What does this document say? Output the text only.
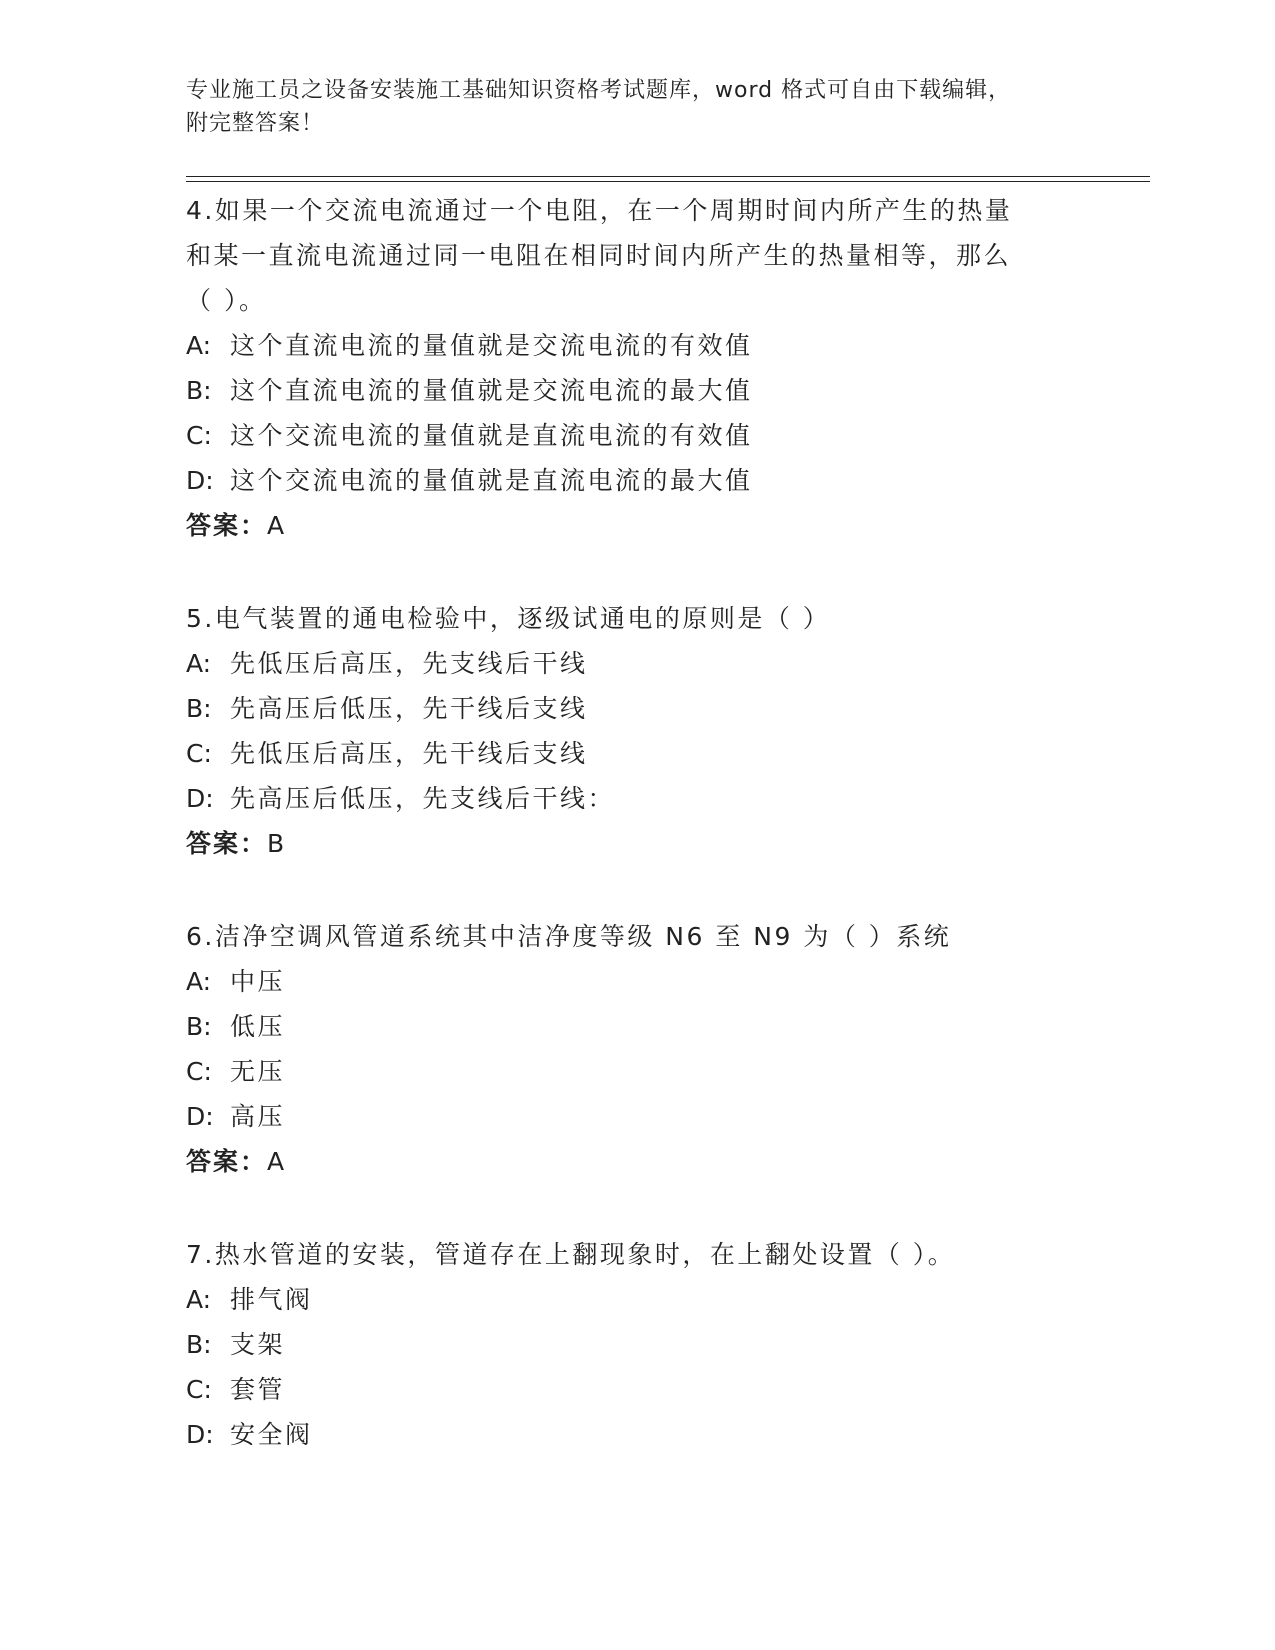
专业施工员之设备安装施工基础知识资格考试题库，word 格式可自由下载编辑，
附完整答案！
4.如果一个交流电流通过一个电阻，在一个周期时间内所产生的热量
和某一直流电流通过同一电阻在相同时间内所产生的热量相等，那么
（ ）。
A: 这个直流电流的量值就是交流电流的有效值
B: 这个直流电流的量值就是交流电流的最大值
C: 这个交流电流的量值就是直流电流的有效值
D: 这个交流电流的量值就是直流电流的最大值
答案：A
5.电气装置的通电检验中，逐级试通电的原则是（ ）
A: 先低压后高压，先支线后干线
B: 先高压后低压，先干线后支线
C: 先低压后高压，先干线后支线
D: 先高压后低压，先支线后干线：
答案：B
6.洁净空调风管道系统其中洁净度等级 N6 至 N9 为（ ）系统
A: 中压
B: 低压
C: 无压
D: 高压
答案：A
7.热水管道的安装，管道存在上翻现象时，在上翻处设置（ ）。
A: 排气阀
B: 支架
C: 套管
D: 安全阀
